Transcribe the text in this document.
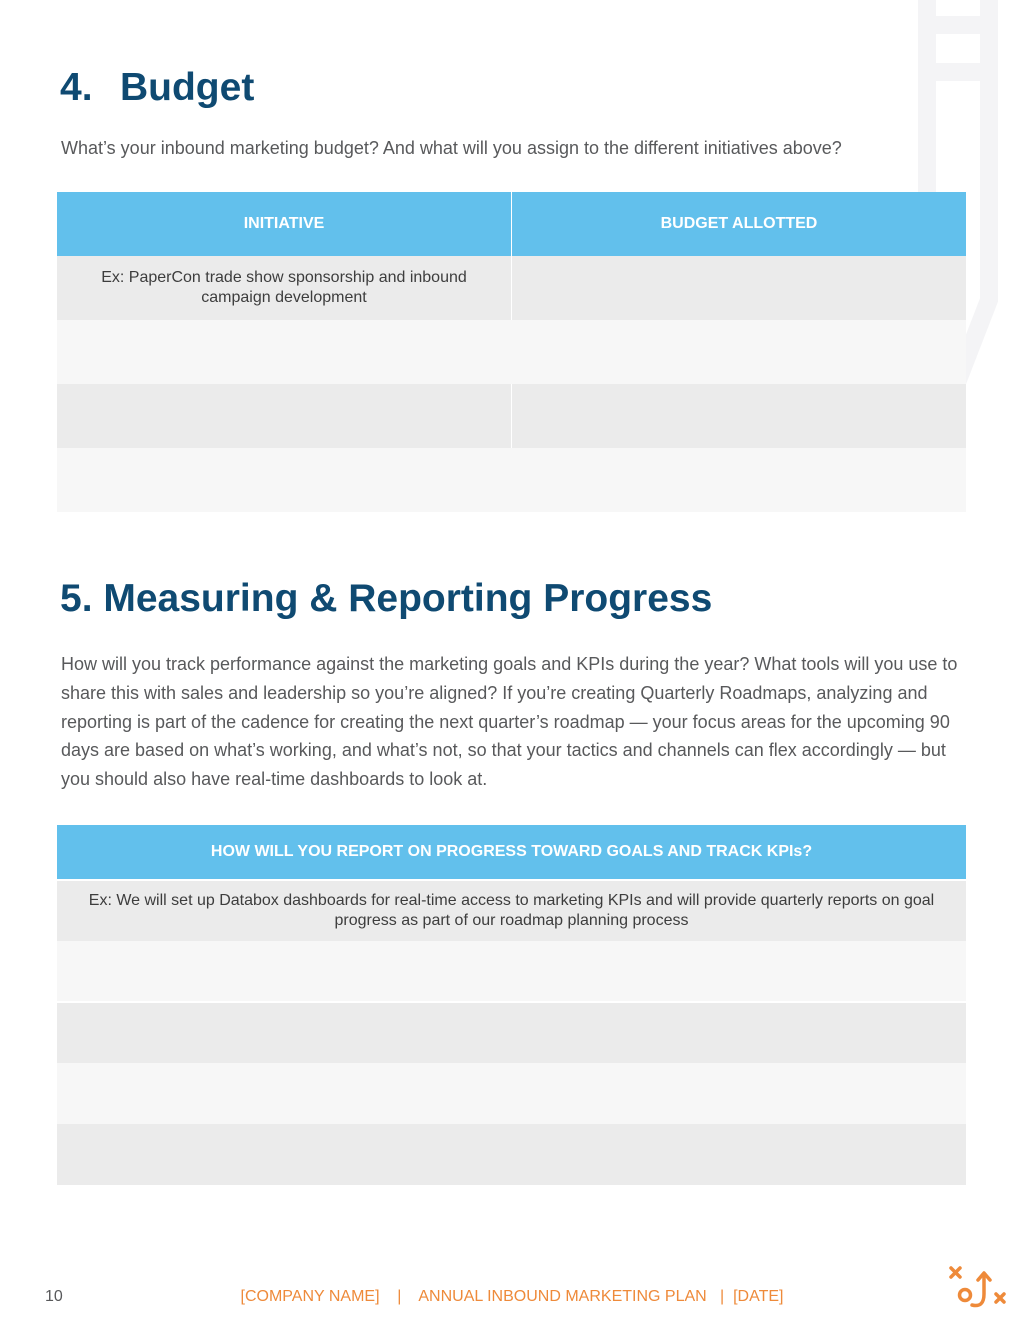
4. Budget

What’s your inbound marketing budget? And what will you assign to the different initiatives above?

INITIATIVE	BUDGET ALLOTTED
Ex: PaperCon trade show sponsorship and inbound campaign development	

5. Measuring & Reporting Progress

How will you track performance against the marketing goals and KPIs during the year? What tools will you use to share this with sales and leadership so you’re aligned? If you’re creating Quarterly Roadmaps, analyzing and reporting is part of the cadence for creating the next quarter’s roadmap — your focus areas for the upcoming 90 days are based on what’s working, and what’s not, so that your tactics and channels can flex accordingly — but you should also have real-time dashboards to look at.

HOW WILL YOU REPORT ON PROGRESS TOWARD GOALS AND TRACK KPIs?
Ex: We will set up Databox dashboards for real-time access to marketing KPIs and will provide quarterly reports on goal progress as part of our roadmap planning process

10	[COMPANY NAME]    |    ANNUAL INBOUND MARKETING PLAN   |  [DATE]
